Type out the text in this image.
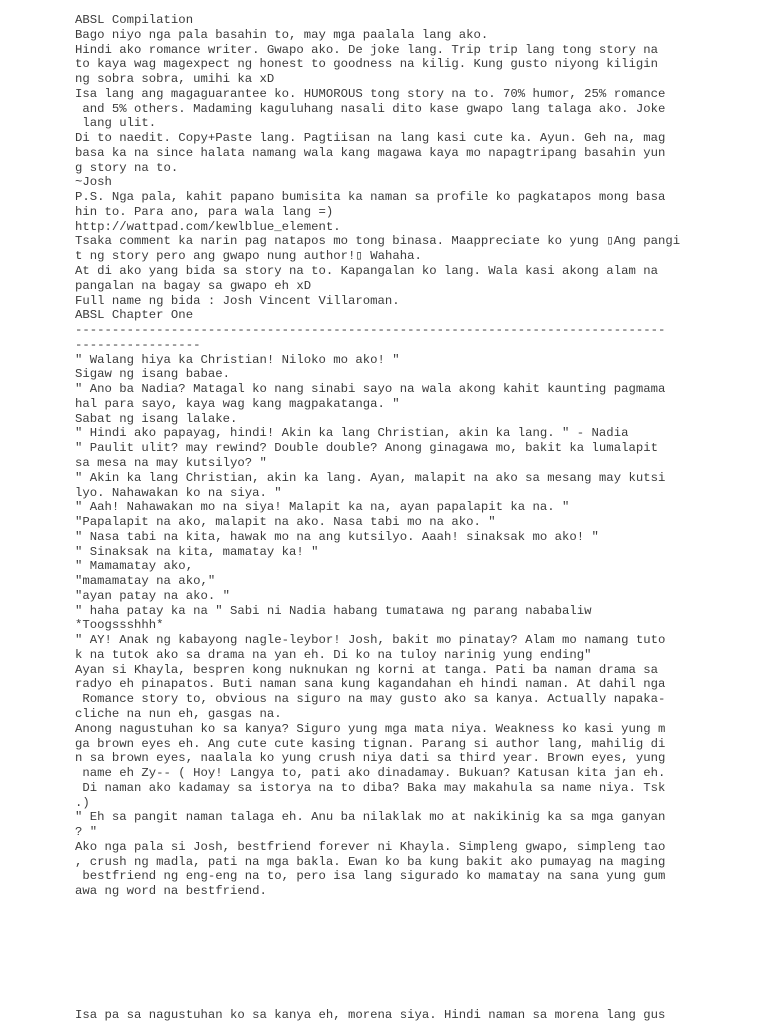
ABSL Compilation
Bago niyo nga pala basahin to, may mga paalala lang ako.
Hindi ako romance writer. Gwapo ako. De joke lang. Trip trip lang tong story na
to kaya wag magexpect ng honest to goodness na kilig. Kung gusto niyong kiligin
ng sobra sobra, umihi ka xD
Isa lang ang magaguarantee ko. HUMOROUS tong story na to. 70% humor, 25% romance
and 5% others. Madaming kaguluhang nasali dito kase gwapo lang talaga ako. Joke
lang ulit.
Di to naedit. Copy+Paste lang. Pagtiisan na lang kasi cute ka. Ayun. Geh na, mag
basa ka na since halata namang wala kang magawa kaya mo napagtripang basahin yun
g story na to.
~Josh
P.S. Nga pala, kahit papano bumisita ka naman sa profile ko pagkatapos mong basa
hin to. Para ano, para wala lang =)
http://wattpad.com/kewlblue_element.
Tsaka comment ka narin pag natapos mo tong binasa. Maappreciate ko yung ▯Ang pangi
t ng story pero ang gwapo nung author!▯ Wahaha.
At di ako yang bida sa story na to. Kapangalan ko lang. Wala kasi akong alam na
pangalan na bagay sa gwapo eh xD
Full name ng bida : Josh Vincent Villaroman.
ABSL Chapter One
--------------------------------------------------------------------------------
-----------------
" Walang hiya ka Christian! Niloko mo ako! "
Sigaw ng isang babae.
" Ano ba Nadia? Matagal ko nang sinabi sayo na wala akong kahit kaunting pagmama
hal para sayo, kaya wag kang magpakatanga. "
Sabat ng isang lalake.
" Hindi ako papayag, hindi! Akin ka lang Christian, akin ka lang. " - Nadia
" Paulit ulit? may rewind? Double double? Anong ginagawa mo, bakit ka lumalapit
sa mesa na may kutsilyo? "
" Akin ka lang Christian, akin ka lang. Ayan, malapit na ako sa mesang may kutsi
lyo. Nahawakan ko na siya. "
" Aah! Nahawakan mo na siya! Malapit ka na, ayan papalapit ka na. "
"Papalapit na ako, malapit na ako. Nasa tabi mo na ako. "
" Nasa tabi na kita, hawak mo na ang kutsilyo. Aaah! sinaksak mo ako! "
" Sinaksak na kita, mamatay ka! "
" Mamamatay ako,
"mamamatay na ako,"
"ayan patay na ako. "
" haha patay ka na " Sabi ni Nadia habang tumatawa ng parang nababaliw
*Toogssshhh*
" AY! Anak ng kabayong nagle-leybor! Josh, bakit mo pinatay? Alam mo namang tuto
k na tutok ako sa drama na yan eh. Di ko na tuloy narinig yung ending"
Ayan si Khayla, bespren kong nuknukan ng korni at tanga. Pati ba naman drama sa
radyo eh pinapatos. Buti naman sana kung kagandahan eh hindi naman. At dahil nga
Romance story to, obvious na siguro na may gusto ako sa kanya. Actually napaka-
cliche na nun eh, gasgas na.
Anong nagustuhan ko sa kanya? Siguro yung mga mata niya. Weakness ko kasi yung m
ga brown eyes eh. Ang cute cute kasing tignan. Parang si author lang, mahilig di
n sa brown eyes, naalala ko yung crush niya dati sa third year. Brown eyes, yung
name eh Zy-- ( Hoy! Langya to, pati ako dinadamay. Bukuan? Katusan kita jan eh.
Di naman ako kadamay sa istorya na to diba? Baka may makahula sa name niya. Tsk
.)
" Eh sa pangit naman talaga eh. Anu ba nilaklak mo at nakikinig ka sa mga ganyan
? "
Ako nga pala si Josh, bestfriend forever ni Khayla. Simpleng gwapo, simpleng tao
, crush ng madla, pati na mga bakla. Ewan ko ba kung bakit ako pumayag na maging
bestfriend ng eng-eng na to, pero isa lang sigurado ko mamatay na sana yung gum
awa ng word na bestfriend.
Isa pa sa nagustuhan ko sa kanya eh, morena siya. Hindi naman sa morena lang gus
